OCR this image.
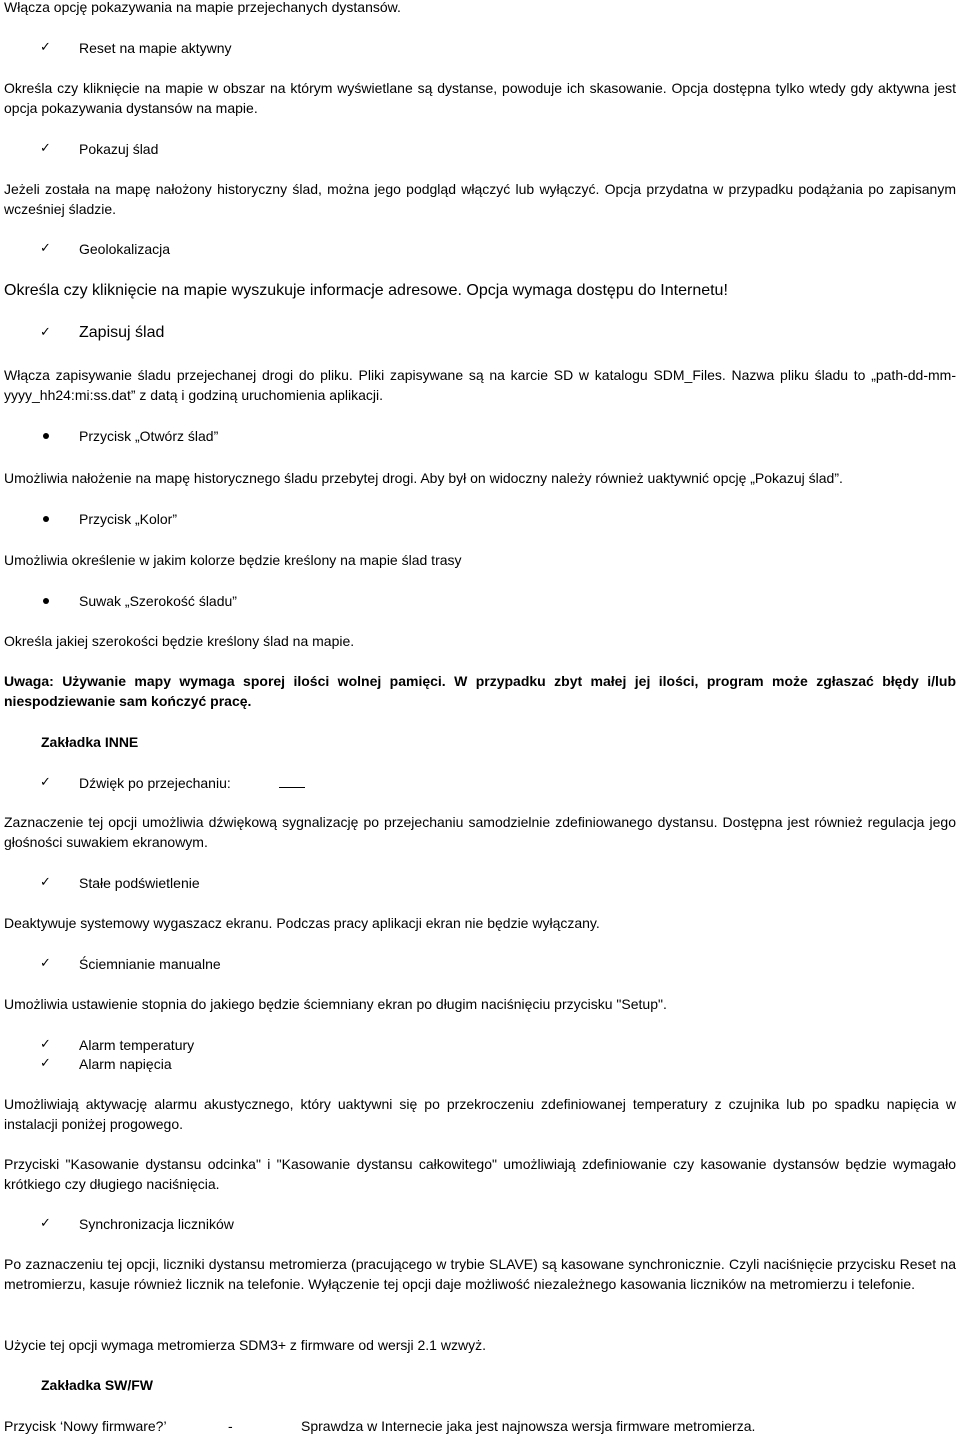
Włącza opcję pokazywania na mapie przejechanych dystansów.
✓ Reset na mapie aktywny
Określa czy kliknięcie na mapie w obszar na którym wyświetlane są dystanse, powoduje ich skasowanie. Opcja dostępna tylko wtedy gdy aktywna jest opcja pokazywania dystansów na mapie.
✓ Pokazuj ślad
Jeżeli została na mapę nałożony historyczny ślad, można jego podgląd włączyć lub wyłączyć. Opcja przydatna w przypadku podążania po zapisanym wcześniej śladzie.
✓ Geolokalizacja
Określa czy kliknięcie na mapie wyszukuje informacje adresowe. Opcja wymaga dostępu do Internetu!
✓ Zapisuj ślad
Włącza zapisywanie śladu przejechanej drogi do pliku. Pliki zapisywane są na karcie SD w katalogu SDM_Files. Nazwa pliku śladu to „path-dd-mm-yyyy_hh24:mi:ss.dat” z datą i godziną uruchomienia aplikacji.
Przycisk „Otwórz ślad”
Umożliwia nałożenie na mapę historycznego śladu przebytej drogi. Aby był on widoczny należy również uaktywnić opcję „Pokazuj ślad”.
Przycisk „Kolor”
Umożliwia określenie w jakim kolorze będzie kreślony na mapie ślad trasy
Suwak „Szerokość śladu”
Określa jakiej szerokości będzie kreślony ślad na mapie.
Uwaga: Używanie mapy wymaga sporej ilości wolnej pamięci. W przypadku zbyt małej jej ilości, program może zgłaszać błędy i/lub niespodziewanie sam kończyć pracę.
Zakładka INNE
✓ Dźwięk po przejechaniu:
Zaznaczenie tej opcji umożliwia dźwiękową sygnalizację po przejechaniu samodzielnie zdefiniowanego dystansu. Dostępna jest również regulacja jego głośności suwakiem ekranowym.
✓ Stałe podświetlenie
Deaktywuje systemowy wygaszacz ekranu. Podczas pracy aplikacji ekran nie będzie wyłączany.
✓ Ściemnianie manualne
Umożliwia ustawienie stopnia do jakiego będzie ściemniany ekran po długim naciśnięciu przycisku "Setup".
✓ Alarm temperatury
✓ Alarm napięcia
Umożliwiają aktywację alarmu akustycznego, który uaktywni się po przekroczeniu zdefiniowanej temperatury z czujnika lub po spadku napięcia w instalacji poniżej progowego.
Przyciski "Kasowanie dystansu odcinka" i "Kasowanie dystansu całkowitego" umożliwiają zdefiniowanie czy kasowanie dystansów będzie wymagało krótkiego czy długiego naciśnięcia.
✓ Synchronizacja liczników
Po zaznaczeniu tej opcji, liczniki dystansu metromierza (pracującego w trybie SLAVE) są kasowane synchronicznie. Czyli naciśnięcie przycisku Reset na metromierzu, kasuje również licznik na telefonie. Wyłączenie tej opcji daje możliwość niezależnego kasowania liczników na metromierzu i telefonie.
Użycie tej opcji wymaga metromierza SDM3+ z firmware od wersji 2.1 wzwyż.
Zakładka SW/FW
Przycisk ‘Nowy firmware?’	-	Sprawdza w Internecie jaka jest najnowsza wersja firmware metromierza.
